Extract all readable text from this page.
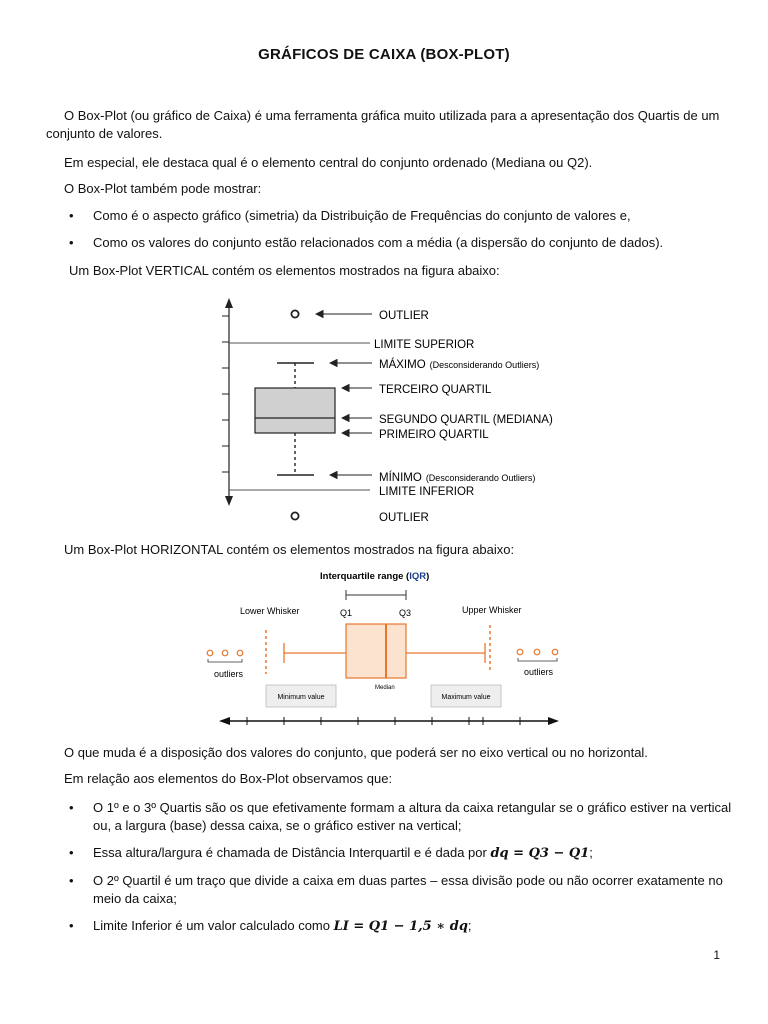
GRÁFICOS DE CAIXA (BOX-PLOT)
O Box-Plot (ou gráfico de Caixa) é uma ferramenta gráfica muito utilizada para a apresentação dos Quartis de um
conjunto de valores.
Em especial, ele destaca qual é o elemento central do conjunto ordenado (Mediana ou Q2).
O Box-Plot também pode mostrar:
• Como é o aspecto gráfico (simetria) da Distribuição de Frequências do conjunto de valores e,
• Como os valores do conjunto estão relacionados com a média (a dispersão do conjunto de dados).
Um Box-Plot VERTICAL contém os elementos mostrados na figura abaixo:
OUTLIER
LIMITE SUPERIOR
MÁXIMO (Desconsiderando Outliers)
TERCEIRO QUARTIL
SEGUNDO QUARTIL (MEDIANA)
PRIMEIRO QUARTIL
MÍNIMO (Desconsiderando Outliers)
LIMITE INFERIOR
OUTLIER
Um Box-Plot HORIZONTAL contém os elementos mostrados na figura abaixo:
Interquartile range (IQR)
Q1	Q3
Lower Whisker	Upper Whisker
Median
outliers	outliers
Minimum value	Maximum value
O que muda é a disposição dos valores do conjunto, que poderá ser no eixo vertical ou no horizontal.
Em relação aos elementos do Box-Plot observamos que:
• O 1º e o 3º Quartis são os que efetivamente formam a altura da caixa retangular se o gráfico estiver na vertical
ou, a largura (base) dessa caixa, se o gráfico estiver na vertical;
• Essa altura/largura é chamada de Distância Interquartil e é dada por dq = Q3 − Q1;
• O 2º Quartil é um traço que divide a caixa em duas partes – essa divisão pode ou não ocorrer exatamente no
meio da caixa;
• Limite Inferior é um valor calculado como LI = Q1 − 1,5 ∗ dq;
1
